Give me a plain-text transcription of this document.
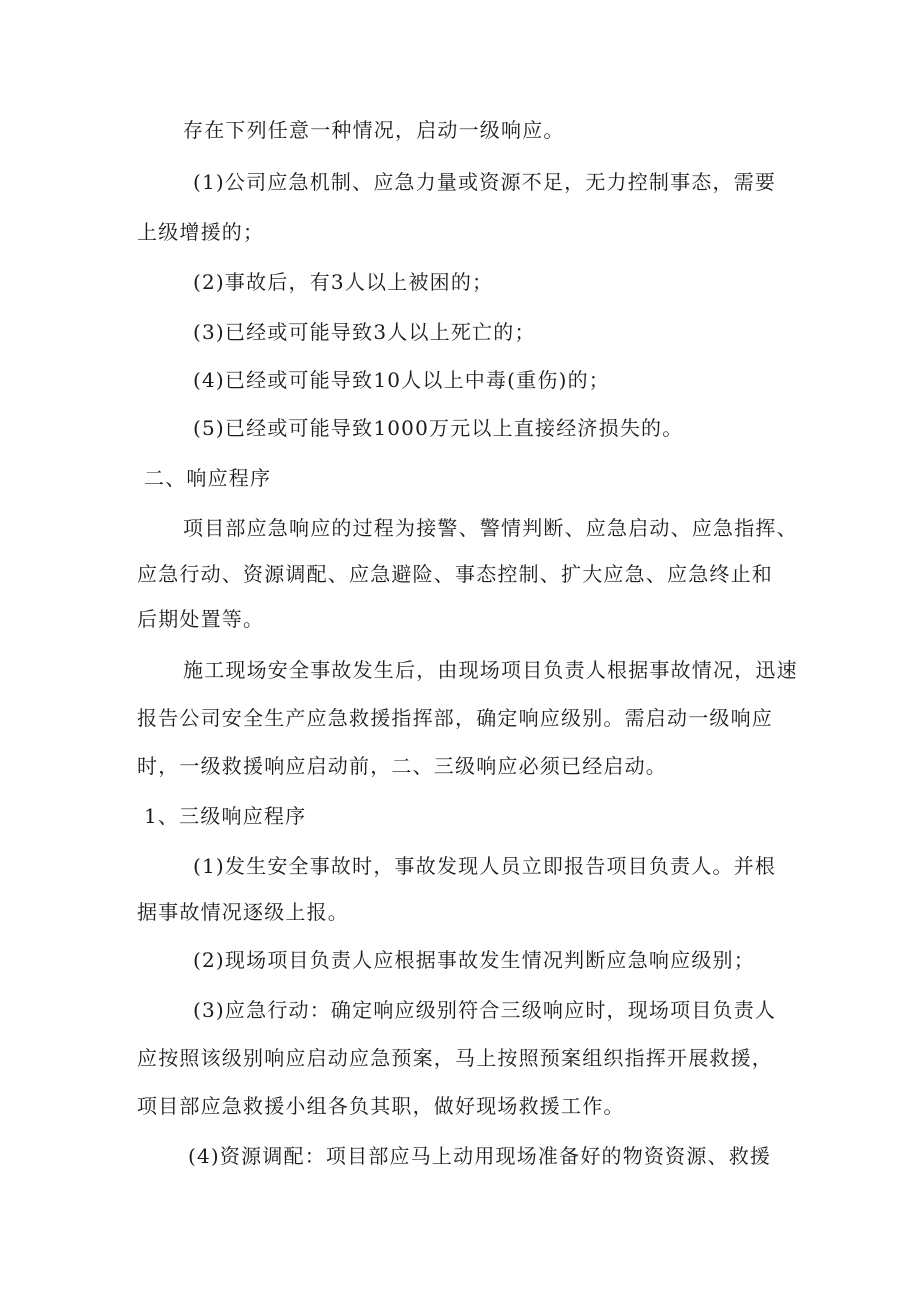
存在下列任意一种情况，启动一级响应。
(1)公司应急机制、应急力量或资源不足，无力控制事态，需要
上级增援的；
(2)事故后，有3人以上被困的；
(3)已经或可能导致3人以上死亡的；
(4)已经或可能导致10人以上中毒(重伤)的；
(5)已经或可能导致1000万元以上直接经济损失的。
二、响应程序
项目部应急响应的过程为接警、警情判断、应急启动、应急指挥、
应急行动、资源调配、应急避险、事态控制、扩大应急、应急终止和
后期处置等。
施工现场安全事故发生后，由现场项目负责人根据事故情况，迅速
报告公司安全生产应急救援指挥部，确定响应级别。需启动一级响应
时，一级救援响应启动前，二、三级响应必须已经启动。
1、三级响应程序
(1)发生安全事故时，事故发现人员立即报告项目负责人。并根
据事故情况逐级上报。
(2)现场项目负责人应根据事故发生情况判断应急响应级别；
(3)应急行动：确定响应级别符合三级响应时，现场项目负责人
应按照该级别响应启动应急预案，马上按照预案组织指挥开展救援，
项目部应急救援小组各负其职，做好现场救援工作。
(4)资源调配：项目部应马上动用现场准备好的物资资源、救援
